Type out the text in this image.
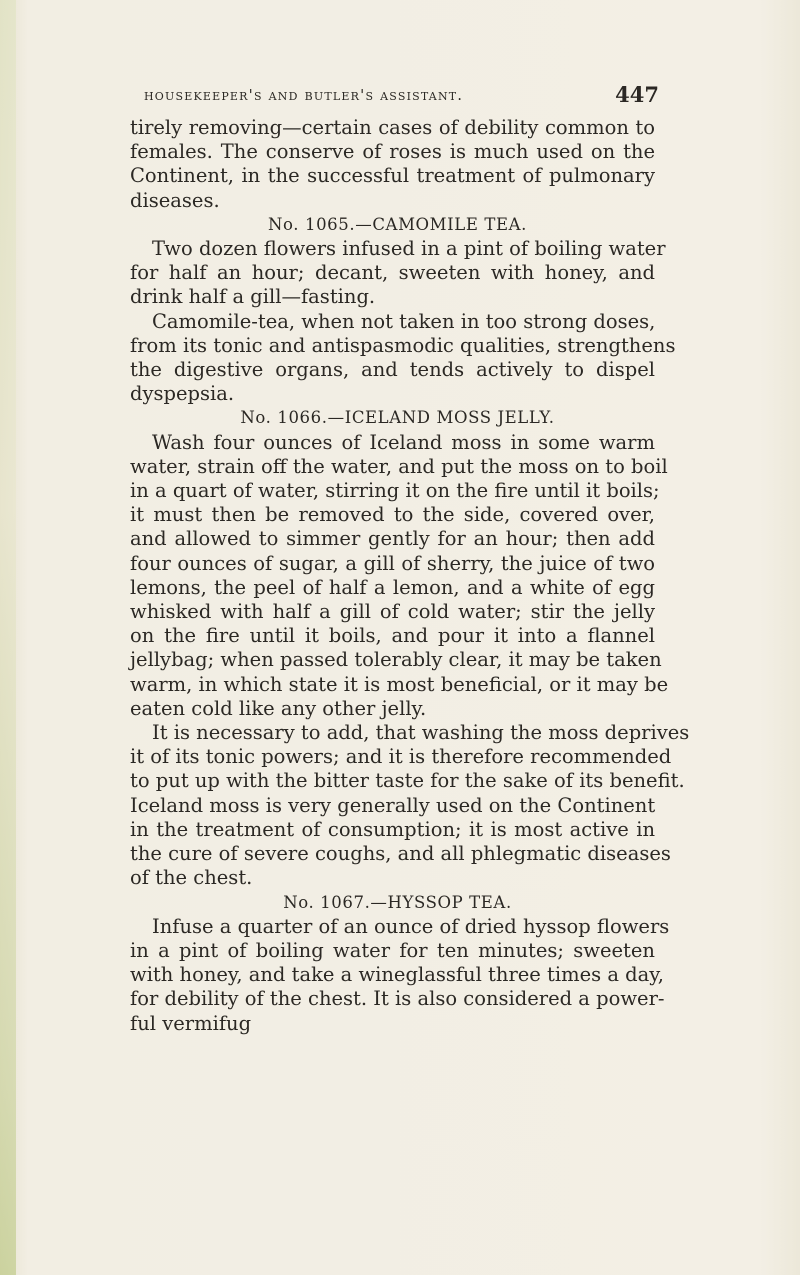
housekeeper's and butler's assistant.	447
tirely removing—certain cases of debility common to
females. The conserve of roses is much used on the
Continent, in the successful treatment of pulmonary
diseases.
No. 1065.—CAMOMILE TEA.
Two dozen flowers infused in a pint of boiling water
for half an hour; decant, sweeten with honey, and
drink half a gill—fasting.
Camomile-tea, when not taken in too strong doses,
from its tonic and antispasmodic qualities, strengthens
the digestive organs, and tends actively to dispel
dyspepsia.
No. 1066.—ICELAND MOSS JELLY.
Wash four ounces of Iceland moss in some warm
water, strain off the water, and put the moss on to boil
in a quart of water, stirring it on the fire until it boils;
it must then be removed to the side, covered over,
and allowed to simmer gently for an hour; then add
four ounces of sugar, a gill of sherry, the juice of two
lemons, the peel of half a lemon, and a white of egg
whisked with half a gill of cold water; stir the jelly
on the fire until it boils, and pour it into a flannel
jellybag; when passed tolerably clear, it may be taken
warm, in which state it is most beneficial, or it may be
eaten cold like any other jelly.
It is necessary to add, that washing the moss deprives
it of its tonic powers; and it is therefore recommended
to put up with the bitter taste for the sake of its benefit.
Iceland moss is very generally used on the Continent
in the treatment of consumption; it is most active in
the cure of severe coughs, and all phlegmatic diseases
of the chest.
No. 1067.—HYSSOP TEA.
Infuse a quarter of an ounce of dried hyssop flowers
in a pint of boiling water for ten minutes; sweeten
with honey, and take a wineglassful three times a day,
for debility of the chest. It is also considered a power-
ful vermifug
